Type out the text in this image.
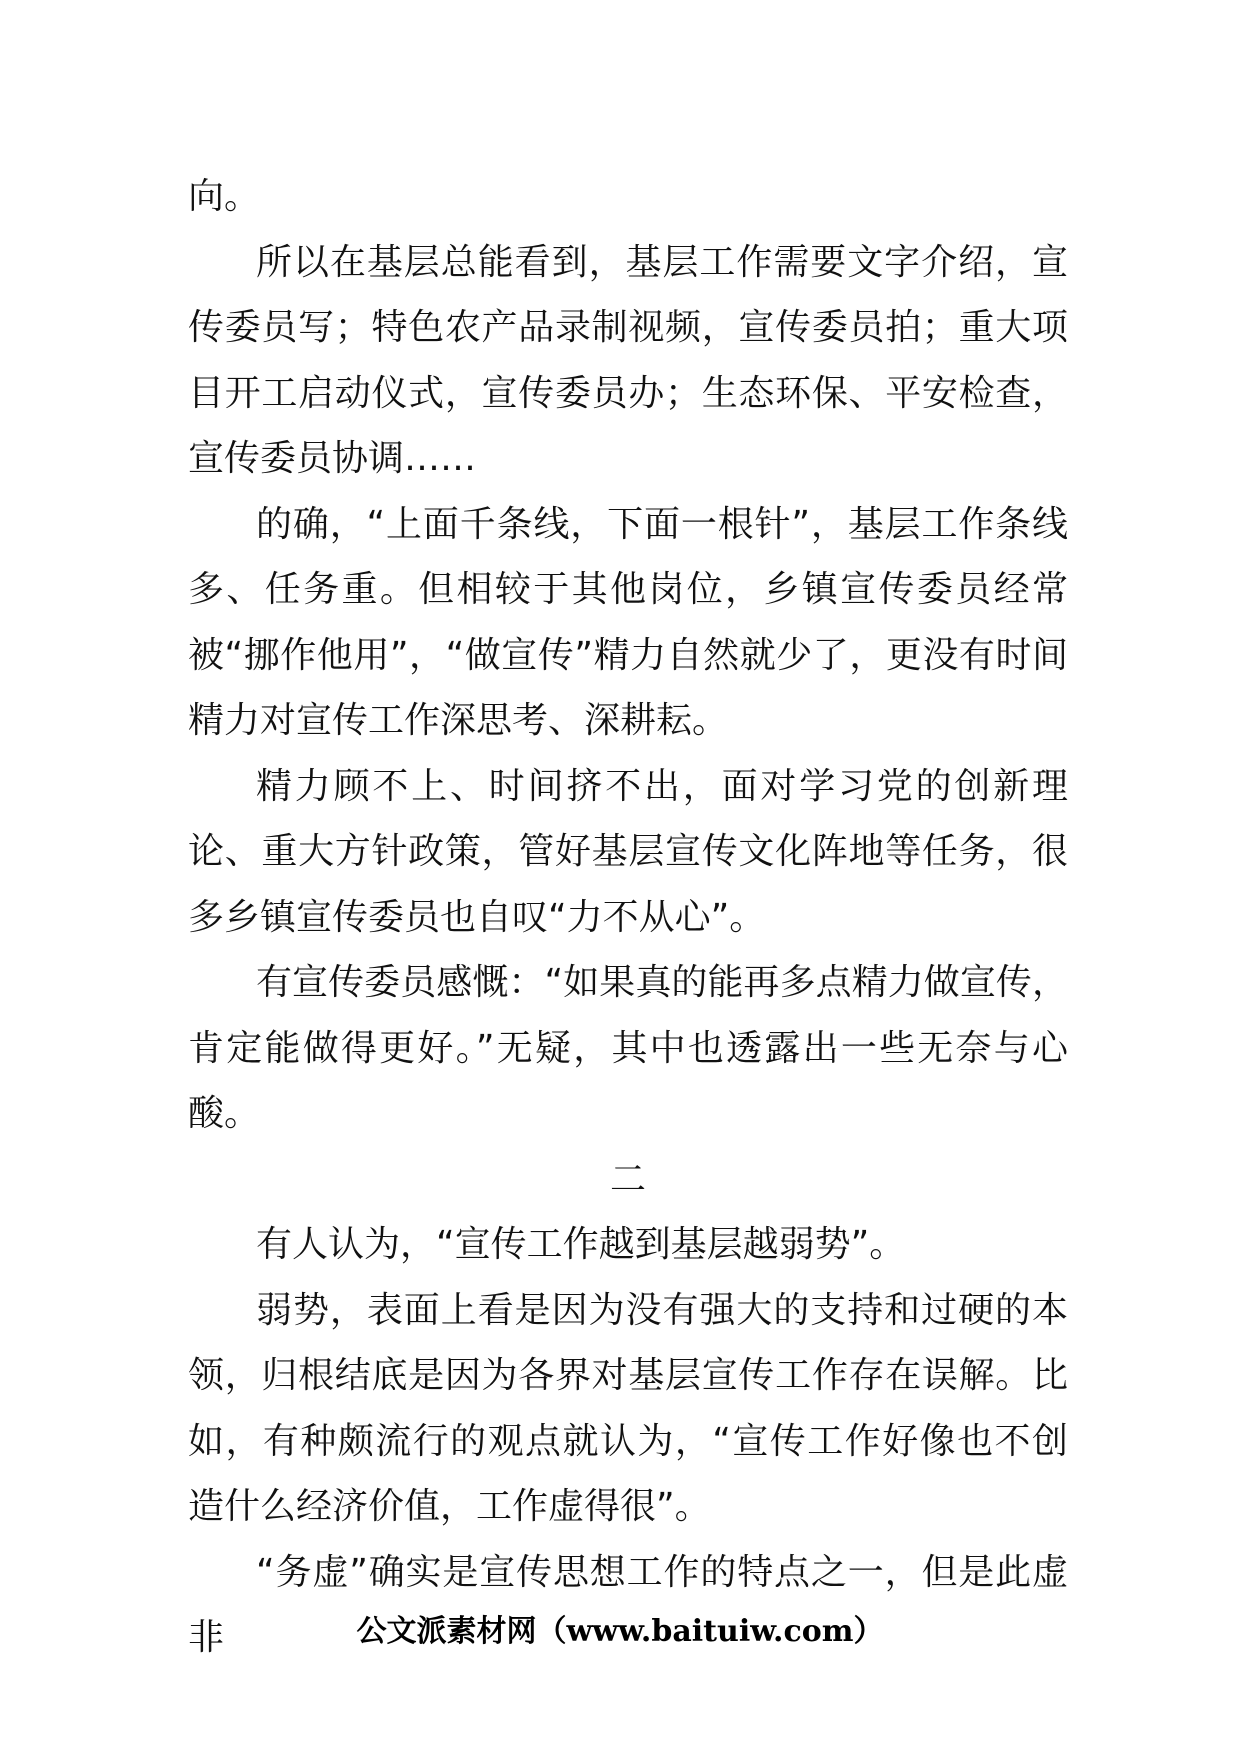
向。

所以在基层总能看到，基层工作需要文字介绍，宣传委员写；特色农产品录制视频，宣传委员拍；重大项目开工启动仪式，宣传委员办；生态环保、平安检查，宣传委员协调……

的确，“上面千条线，下面一根针”，基层工作条线多、任务重。但相较于其他岗位，乡镇宣传委员经常被“挪作他用”，“做宣传”精力自然就少了，更没有时间精力对宣传工作深思考、深耕耘。

精力顾不上、时间挤不出，面对学习党的创新理论、重大方针政策，管好基层宣传文化阵地等任务，很多乡镇宣传委员也自叹“力不从心”。

有宣传委员感慨：“如果真的能再多点精力做宣传，肯定能做得更好。”无疑，其中也透露出一些无奈与心酸。

二

有人认为，“宣传工作越到基层越弱势”。

弱势，表面上看是因为没有强大的支持和过硬的本领，归根结底是因为各界对基层宣传工作存在误解。比如，有种颇流行的观点就认为，“宣传工作好像也不创造什么经济价值，工作虚得很”。

“务虚”确实是宣传思想工作的特点之一，但是此虚非	公文派素材网（www.baituiw.com）
